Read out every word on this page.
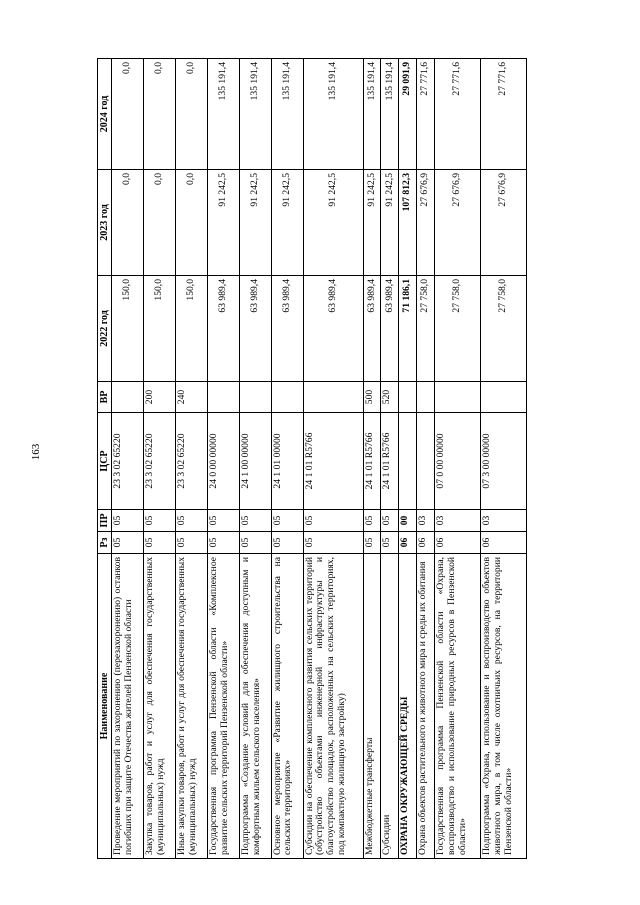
163
Наименование	Рз	ПР	ЦСР	ВР	2022 год	2023 год	2024 год
Проведение мероприятий по захоронению (перезахоронению) останков погибших при защите Отечества жителей Пензенской области	05	05	23 3 02 65220		150,0	0,0	0,0
Закупка товаров, работ и услуг для обеспечения государственных (муниципальных) нужд	05	05	23 3 02 65220	200	150,0	0,0	0,0
Иные закупки товаров, работ и услуг для обеспечения государственных (муниципальных) нужд	05	05	23 3 02 65220	240	150,0	0,0	0,0
Государственная программа Пензенской области «Комплексное развитие сельских территорий Пензенской области»	05	05	24 0 00 00000		63 989,4	91 242,5	135 191,4
Подпрограмма «Создание условий для обеспечения доступным и комфортным жильем сельского населения»	05	05	24 1 00 00000		63 989,4	91 242,5	135 191,4
Основное мероприятие «Развитие жилищного строительства на сельских территориях»	05	05	24 1 01 00000		63 989,4	91 242,5	135 191,4
Субсидии на обеспечение комплексного развития сельских территорий (обустройство объектами инженерной инфраструктуры и благоустройство площадок, расположенных на сельских территориях, под компактную жилищную застройку)	05	05	24 1 01 R5766		63 989,4	91 242,5	135 191,4
Межбюджетные трансферты	05	05	24 1 01 R5766	500	63 989,4	91 242,5	135 191,4
Субсидии	05	05	24 1 01 R5766	520	63 989,4	91 242,5	135 191,4
ОХРАНА ОКРУЖАЮЩЕЙ СРЕДЫ	06	00			71 186,1	107 812,3	29 091,9
Охрана объектов растительного и животного мира и среды их обитания	06	03			27 758,0	27 676,9	27 771,6
Государственная программа Пензенской области «Охрана, воспроизводство и использование природных ресурсов в Пензенской области»	06	03	07 0 00 00000		27 758,0	27 676,9	27 771,6
Подпрограмма «Охрана, использование и воспроизводство объектов животного мира, в том числе охотничьих ресурсов, на территории Пензенской области»	06	03	07 3 00 00000		27 758,0	27 676,9	27 771,6
